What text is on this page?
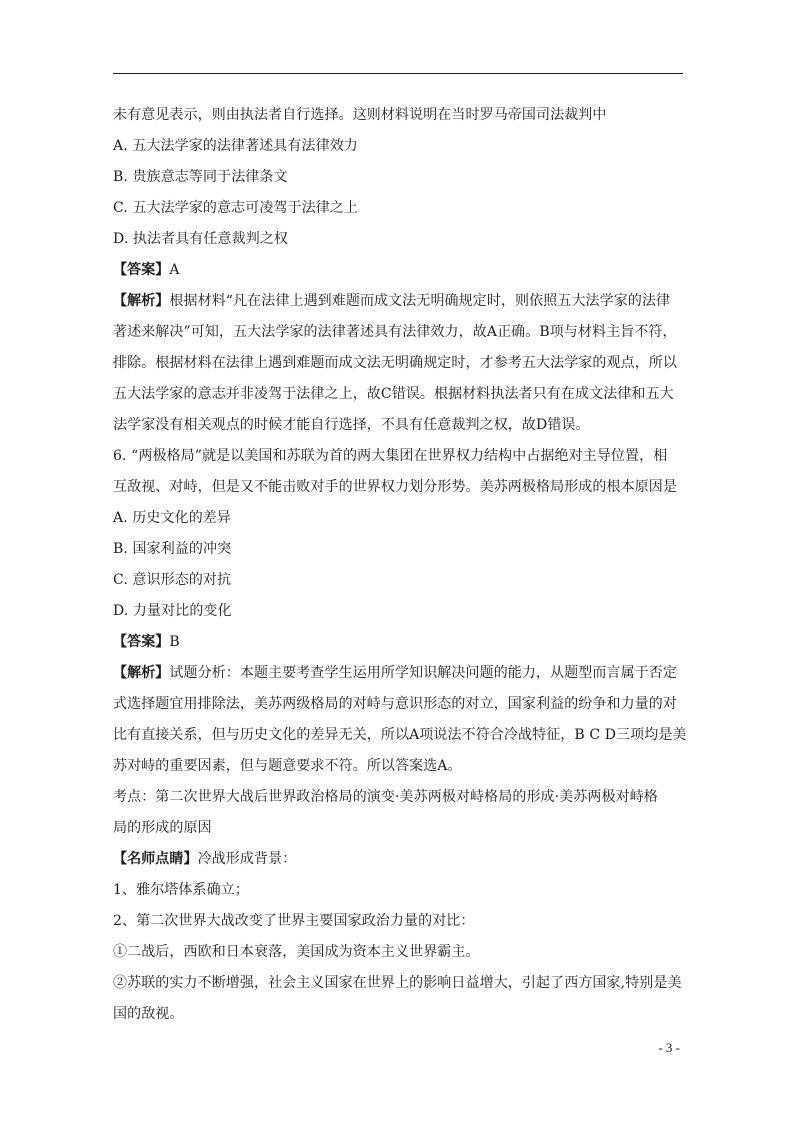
未有意见表示，则由执法者自行选择。这则材料说明在当时罗马帝国司法裁判中

A. 五大法学家的法律著述具有法律效力

B. 贵族意志等同于法律条文

C. 五大法学家的意志可凌驾于法律之上

D. 执法者具有任意裁判之权

【答案】A

【解析】根据材料“凡在法律上遇到难题而成文法无明确规定时，则依照五大法学家的法律

著述来解决”可知，五大法学家的法律著述具有法律效力，故A正确。B项与材料主旨不符，

排除。根据材料在法律上遇到难题而成文法无明确规定时，才参考五大法学家的观点，所以

五大法学家的意志并非凌驾于法律之上，故C错误。根据材料执法者只有在成文法律和五大

法学家没有相关观点的时候才能自行选择，不具有任意裁判之权，故D错误。

6. “两极格局”就是以美国和苏联为首的两大集团在世界权力结构中占据绝对主导位置，相

互敌视、对峙，但是又不能击败对手的世界权力划分形势。美苏两极格局形成的根本原因是

A. 历史文化的差异

B. 国家利益的冲突

C. 意识形态的对抗

D. 力量对比的变化

【答案】B

【解析】试题分析：本题主要考查学生运用所学知识解决问题的能力，从题型而言属于否定

式选择题宜用排除法，美苏两级格局的对峙与意识形态的对立，国家利益的纷争和力量的对

比有直接关系，但与历史文化的差异无关，所以A项说法不符合冷战特征，B C D三项均是美

苏对峙的重要因素，但与题意要求不符。所以答案选A。

考点：第二次世界大战后世界政治格局的演变·美苏两极对峙格局的形成·美苏两极对峙格

局的形成的原因

【名师点睛】冷战形成背景：

1、雅尔塔体系确立；

2、第二次世界大战改变了世界主要国家政治力量的对比：

①二战后，西欧和日本衰落，美国成为资本主义世界霸主。

②苏联的实力不断增强，社会主义国家在世界上的影响日益增大，引起了西方国家,特别是美

国的敌视。

- 3 -
